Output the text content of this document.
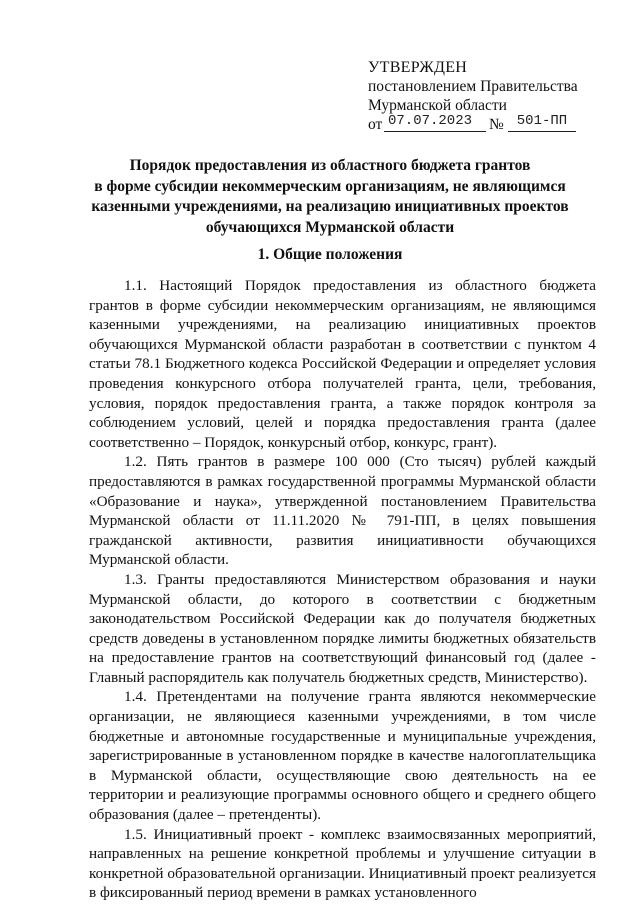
УТВЕРЖДЕН
постановлением Правительства
Мурманской области
от 07.07.2023	№ 501-ПП
Порядок предоставления из областного бюджета грантов
в форме субсидии некоммерческим организациям, не являющимся
казенными учреждениями, на реализацию инициативных проектов
обучающихся Мурманской области
1. Общие положения

1.1. Настоящий Порядок предоставления из областного бюджета грантов в форме субсидии некоммерческим организациям, не являющимся казенными учреждениями, на реализацию инициативных проектов обучающихся Мурманской области разработан в соответствии с пунктом 4 статьи 78.1 Бюджетного кодекса Российской Федерации и определяет условия проведения конкурсного отбора получателей гранта, цели, требования, условия, порядок предоставления гранта, а также порядок контроля за соблюдением условий, целей и порядка предоставления гранта (далее соответственно – Порядок, конкурсный отбор, конкурс, грант).

1.2. Пять грантов в размере 100 000 (Сто тысяч) рублей каждый предоставляются в рамках государственной программы Мурманской области «Образование и наука», утвержденной постановлением Правительства Мурманской области от 11.11.2020 № 791-ПП, в целях повышения гражданской активности, развития инициативности обучающихся Мурманской области.

1.3. Гранты предоставляются Министерством образования и науки Мурманской области, до которого в соответствии с бюджетным законодательством Российской Федерации как до получателя бюджетных средств доведены в установленном порядке лимиты бюджетных обязательств на предоставление грантов на соответствующий финансовый год (далее - Главный распорядитель как получатель бюджетных средств, Министерство).

1.4. Претендентами на получение гранта являются некоммерческие организации, не являющиеся казенными учреждениями, в том числе бюджетные и автономные государственные и муниципальные учреждения, зарегистрированные в установленном порядке в качестве налогоплательщика в Мурманской области, осуществляющие свою деятельность на ее территории и реализующие программы основного общего и среднего общего образования (далее – претенденты).

1.5. Инициативный проект - комплекс взаимосвязанных мероприятий, направленных на решение конкретной проблемы и улучшение ситуации в конкретной образовательной организации. Инициативный проект реализуется в фиксированный период времени в рамках установленного
